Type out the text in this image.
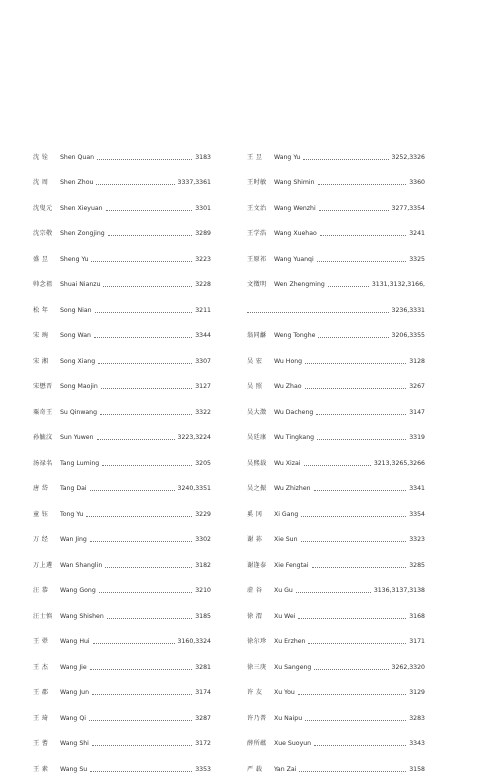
沈 铨	Shen Quan	3183
沈 周	Shen Zhou	3337,3361
沈叟元	Shen Xieyuan	3301
沈宗敬	Shen Zongjing	3289
盛 昱	Sheng Yu	3223
帅念祖	Shuai Nianzu	3228
松 年	Song Nian	3211
宋 琬	Song Wan	3344
宋 湘	Song Xiang	3307
宋懋晋	Song Maojin	3127
粟奇王	Su Qinwang	3322
孙毓汶	Sun Yuwen	3223,3224
汤禄名	Tang Luming	3205
唐 岱	Tang Dai	3240,3351
童 钰	Tong Yu	3229
万 经	Wan Jing	3302
万上遴	Wan Shanglin	3182
汪 恭	Wang Gong	3210
汪士慎	Wang Shishen	3185
王 翚	Wang Hui	3160,3324
王 杰	Wang Jie	3281
王 郡	Wang Jun	3174
王 琦	Wang Qi	3287
王 蓍	Wang Shi	3172
王 素	Wang Su	3353
王 昱	Wang Yu	3252,3326
王时敏	Wang Shimin	3360
王文治	Wang Wenzhi	3277,3354
王学浩	Wang Xuehao	3241
王原祁	Wang Yuanqi	3325
文徵明	Wen Zhengming	3131,3132,3166,
3236,3331
翁同龢	Weng Tonghe	3206,3355
吴 宏	Wu Hong	3128
吴 照	Wu Zhao	3267
吴大澂	Wu Dacheng	3147
吴廷康	Wu Tingkang	3319
吴熙载	Wu Xizai	3213,3265,3266
吴之振	Wu Zhizhen	3341
奚 冈	Xi Gang	3354
谢 荪	Xie Sun	3323
谢逢泰	Xie Fengtai	3285
虚 谷	Xu Gu	3136,3137,3138
徐 渭	Xu Wei	3168
徐尔珍	Xu Erzhen	3171
徐三庚	Xu Sangeng	3262,3320
许 友	Xu You	3129
许乃普	Xu Naipu	3283
薛所蕴	Xue Suoyun	3343
严 载	Yan Zai	3158
